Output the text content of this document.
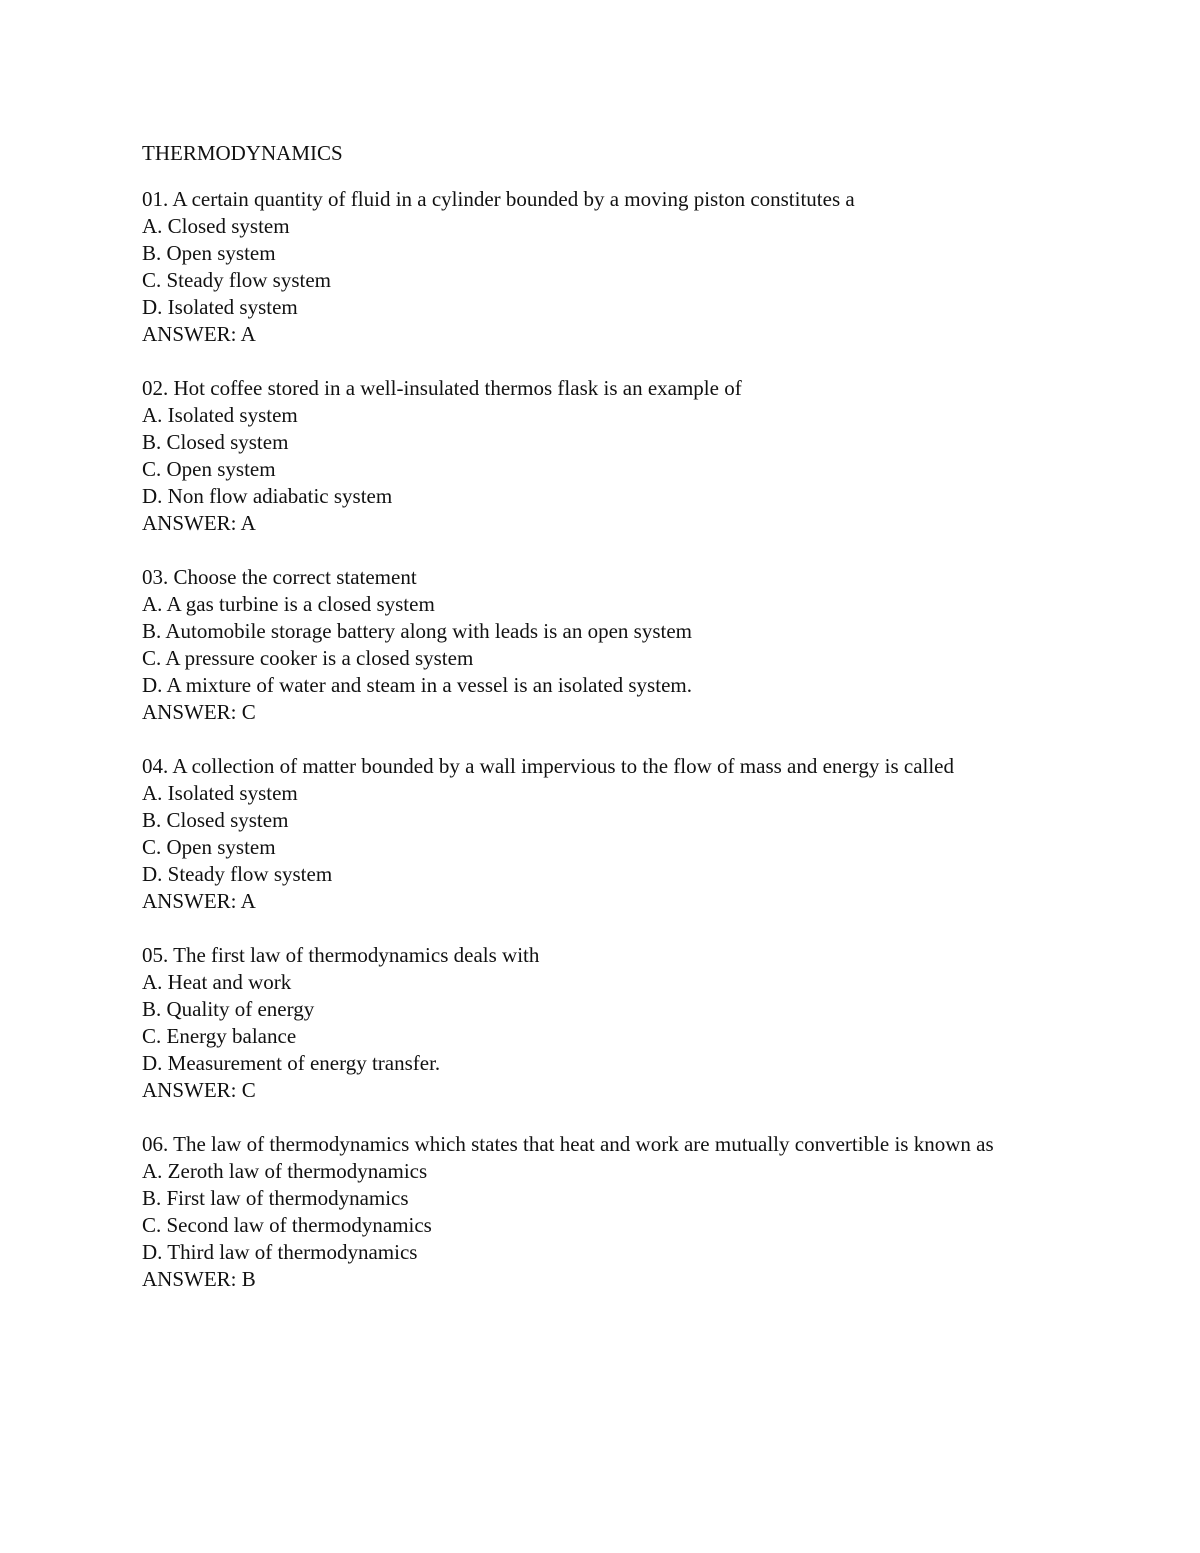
THERMODYNAMICS
01. A certain quantity of fluid in a cylinder bounded by a moving piston constitutes a
A. Closed system
B. Open system
C. Steady flow system
D. Isolated system
ANSWER: A
02. Hot coffee stored in a well-insulated thermos flask is an example of
A. Isolated system
B. Closed system
C. Open system
D. Non flow adiabatic system
ANSWER: A
03. Choose the correct statement
A. A gas turbine is a closed system
B. Automobile storage battery along with leads is an open system
C. A pressure cooker is a closed system
D. A mixture of water and steam in a vessel is an isolated system.
ANSWER: C
04. A collection of matter bounded by a wall impervious to the flow of mass and energy is called
A. Isolated system
B. Closed system
C. Open system
D. Steady flow system
ANSWER: A
05. The first law of thermodynamics deals with
A. Heat and work
B. Quality of energy
C. Energy balance
D. Measurement of energy transfer.
ANSWER: C
06. The law of thermodynamics which states that heat and work are mutually convertible is known as
A. Zeroth law of thermodynamics
B. First law of thermodynamics
C. Second law of thermodynamics
D. Third law of thermodynamics
ANSWER: B
